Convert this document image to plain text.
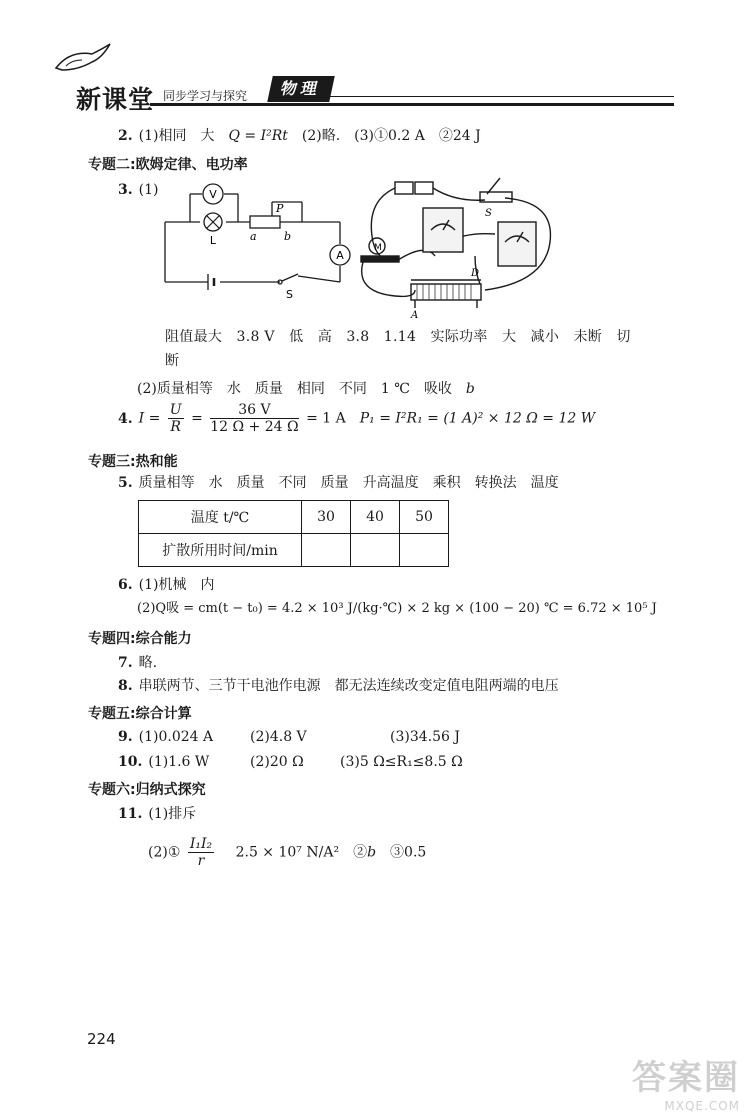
新课堂 同步学习与探究	物理
2. (1)相同　大　Q = I²Rt　 (2)略.　(3)①0.2 A　②24 J
专题二:欧姆定律、电功率
3. (1)	V
A
L
P
a b
S
M
S
D
A
阻值最大　3.8 V　低　高　3.8　1.14　实际功率　大　减小　未断　切
断
(2)质量相等　水　质量　相同　不同　1 ℃　吸收　b
4. $I = \frac{U}{R} = \frac{36 V}{12 \Omega + 24 \Omega} = 1$ A　 P₁ = I²R₁ = (1 A)² × 12 Ω = 12 W
专题三:热和能
5. 质量相等　水　质量　不同　质量　升高温度　乘积　转换法　温度
温度 t/℃	30	40	50
扩散所用时间/min			
6. (1)机械　内
(2)Q吸 = cm(t − t₀) = 4.2 × 10³ J/(kg·℃) × 2 kg × (100 − 20) ℃ = 6.72 × 10⁵ J
专题四:综合能力
7. 略.
8. 串联两节、三节干电池作电源　都无法连续改变定值电阻两端的电压
专题五:综合计算
9. (1)0.024 A	(2)4.8 V	(3)34.56 J
10. (1)1.6 W	(2)20 Ω	(3)5 Ω≤R₁≤8.5 Ω
专题六:归纳式探究
11. (1)排斥
(2)① $\frac{\text{I₁I₂}}{r}$
　 2.5 × 10⁷ N/A²　 ②b　 ③0.5
224
答案圈
MXQE.COM
